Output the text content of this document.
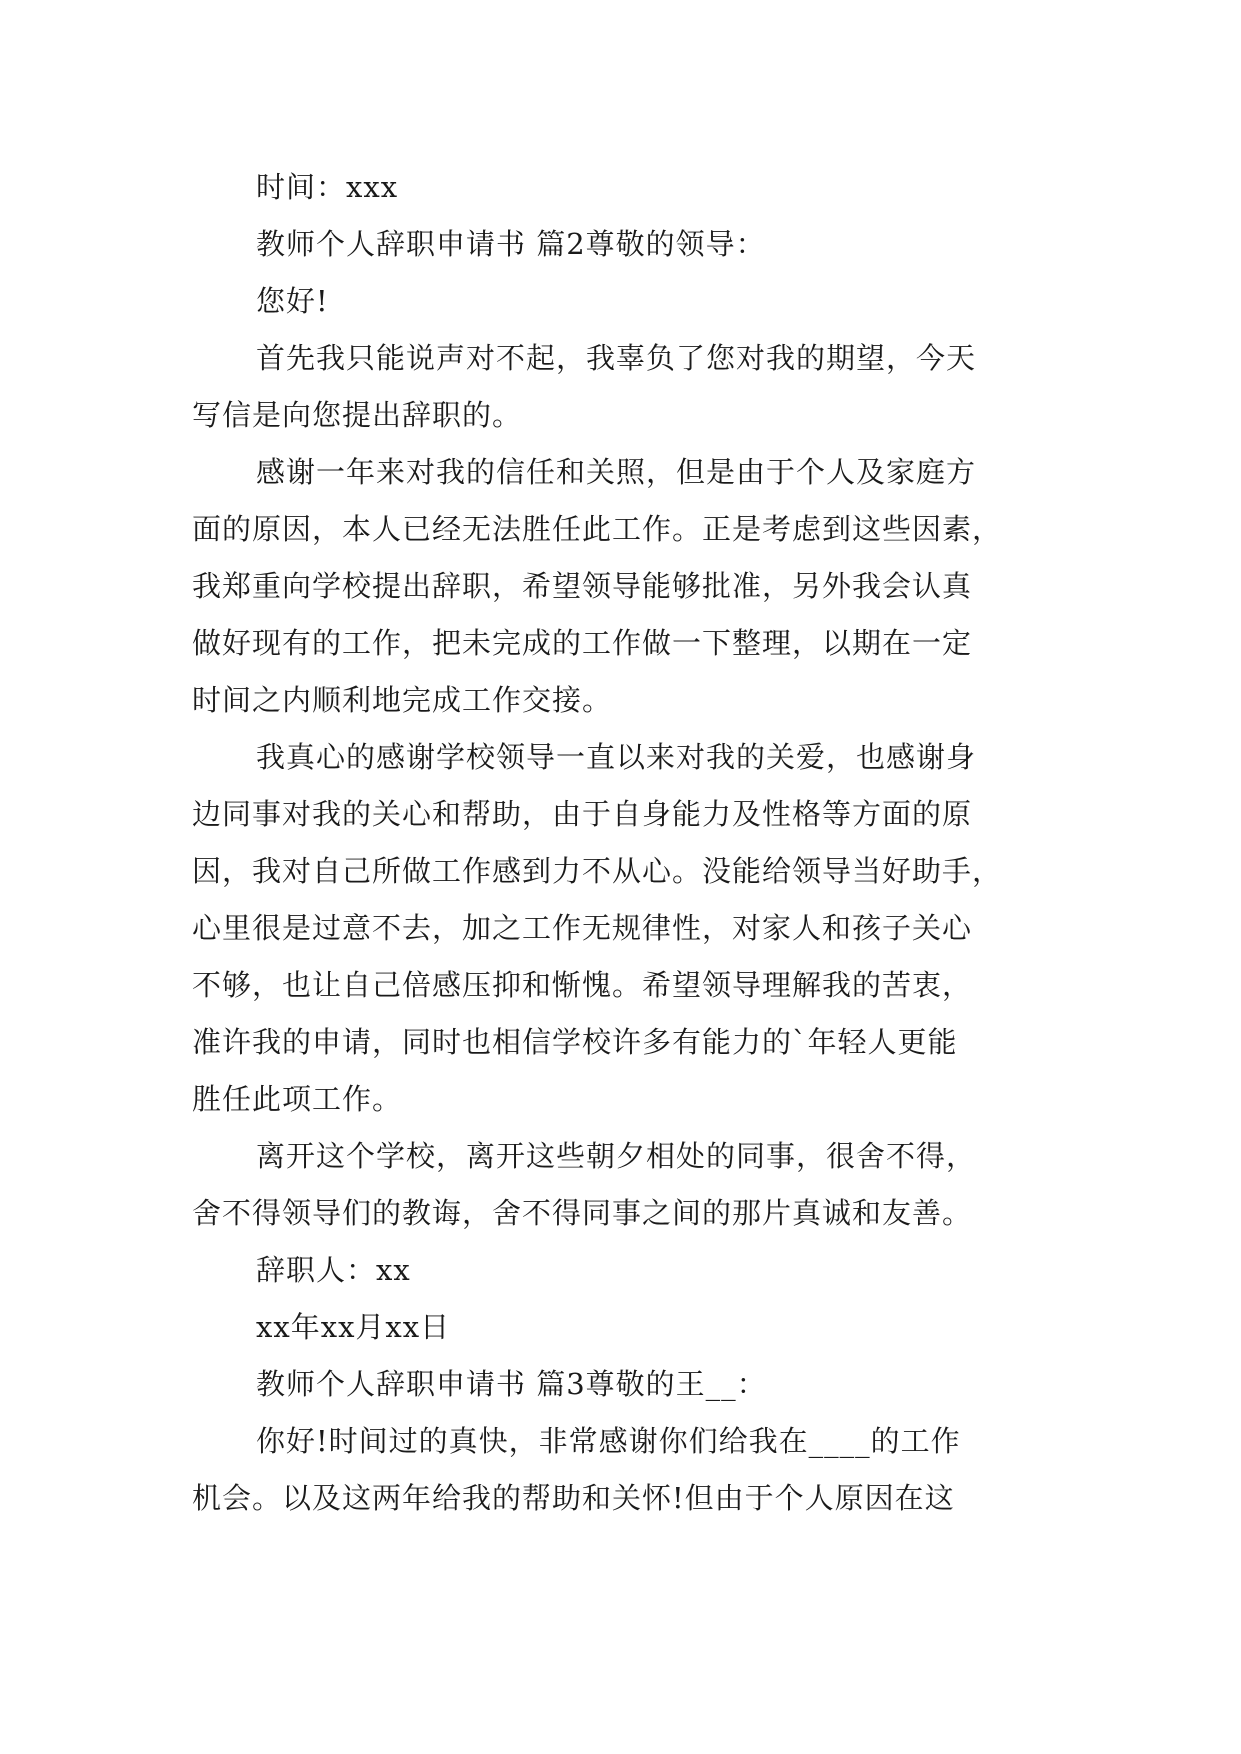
时间：xxx
教师个人辞职申请书 篇2尊敬的领导：
您好!
首先我只能说声对不起，我辜负了您对我的期望，今天
写信是向您提出辞职的。
感谢一年来对我的信任和关照，但是由于个人及家庭方
面的原因，本人已经无法胜任此工作。正是考虑到这些因素，
我郑重向学校提出辞职，希望领导能够批准，另外我会认真
做好现有的工作，把未完成的工作做一下整理，以期在一定
时间之内顺利地完成工作交接。
我真心的感谢学校领导一直以来对我的关爱，也感谢身
边同事对我的关心和帮助，由于自身能力及性格等方面的原
因，我对自己所做工作感到力不从心。没能给领导当好助手，
心里很是过意不去，加之工作无规律性，对家人和孩子关心
不够，也让自己倍感压抑和惭愧。希望领导理解我的苦衷，
准许我的申请，同时也相信学校许多有能力的`年轻人更能
胜任此项工作。
离开这个学校，离开这些朝夕相处的同事，很舍不得，
舍不得领导们的教诲，舍不得同事之间的那片真诚和友善。
辞职人：xx
xx年xx月xx日
教师个人辞职申请书 篇3尊敬的王__：
你好!时间过的真快，非常感谢你们给我在____的工作
机会。以及这两年给我的帮助和关怀!但由于个人原因在这
